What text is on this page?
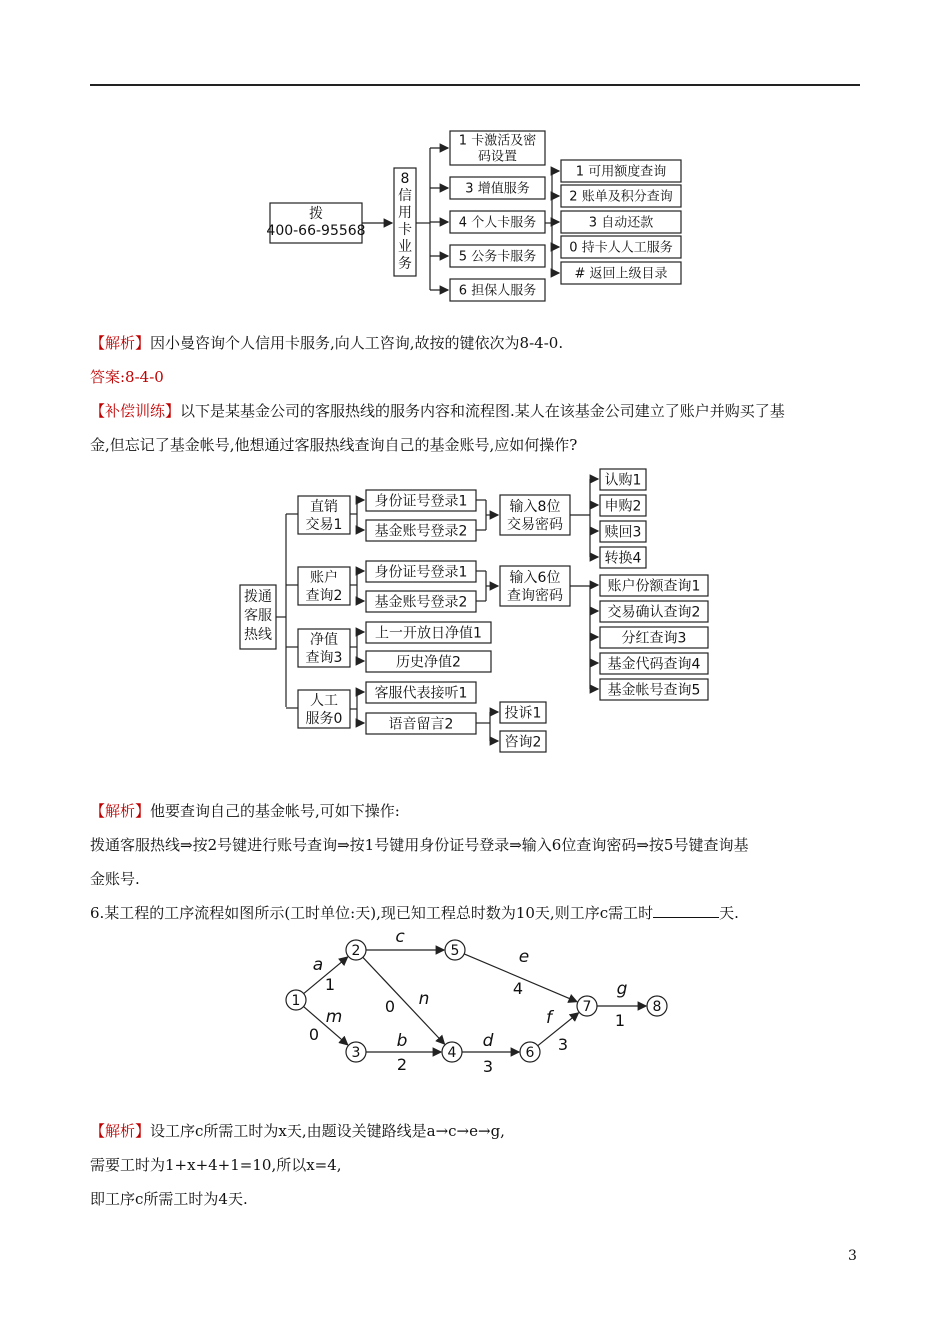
拨 400-66-95568
8 信用卡业务
1 卡激活及密码设置
3 增值服务
4 个人卡服务
5 公务卡服务
6 担保人服务
1 可用额度查询
2 账单及积分查询
3 自动还款
0 持卡人人工服务
# 返回上级目录
拨通客服热线
直销交易1
账户查询2
净值查询3
人工服务0
身份证号登录1
基金账号登录2
身份证号登录1
基金账号登录2
上一开放日净值1
历史净值2
客服代表接听1
语音留言2
投诉1
咨询2
输入8位交易密码
输入6位查询密码
认购1
申购2
赎回3
转换4
账户份额查询1
交易确认查询2
分红查询3
基金代码查询4
基金帐号查询5
a
1
m
0
c
n
0
b
2
d
3
e
4
f
3
g
1
1
2
3	4
5
6
7	8
【解析】因小曼咨询个人信用卡服务,向人工咨询,故按的键依次为8-4-0.
答案:8-4-0
【补偿训练】以下是某基金公司的客服热线的服务内容和流程图.某人在该基金公司建立了账户并购买了基
金,但忘记了基金帐号,他想通过客服热线查询自己的基金账号,应如何操作?
【解析】他要查询自己的基金帐号,可如下操作:
拨通客服热线⇒按2号键进行账号查询⇒按1号键用身份证号登录⇒输入6位查询密码⇒按5号键查询基
金账号.
6.某工程的工序流程如图所示(工时单位:天),现已知工程总时数为10天,则工序c需工时	天.
【解析】设工序c所需工时为x天,由题设关键路线是a→c→e→g,
需要工时为1+x+4+1=10,所以x=4,
即工序c所需工时为4天.
3
